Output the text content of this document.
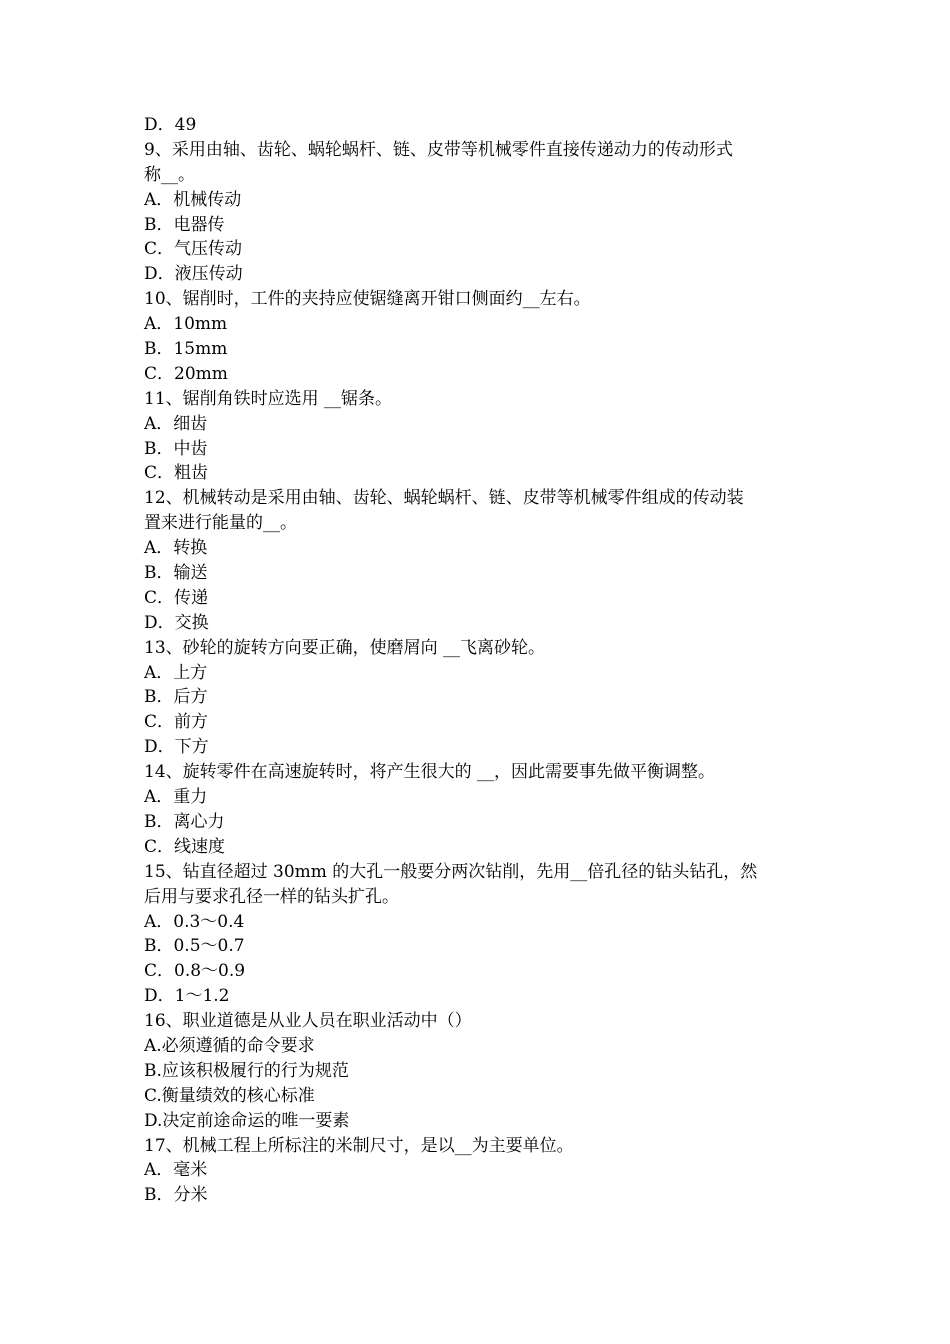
D．49
9、采用由轴、齿轮、蜗轮蜗杆、链、皮带等机械零件直接传递动力的传动形式
称__。
A．机械传动
B．电器传
C．气压传动
D．液压传动
10、锯削时，工件的夹持应使锯缝离开钳口侧面约__左右。
A．10mm
B．15mm
C．20mm
11、锯削角铁时应选用 __锯条。
A．细齿
B．中齿
C．粗齿
12、机械转动是采用由轴、齿轮、蜗轮蜗杆、链、皮带等机械零件组成的传动装
置来进行能量的__。
A．转换
B．输送
C．传递
D．交换
13、砂轮的旋转方向要正确，使磨屑向 __飞离砂轮。
A．上方
B．后方
C．前方
D．下方
14、旋转零件在高速旋转时，将产生很大的 __，因此需要事先做平衡调整。
A．重力
B．离心力
C．线速度
15、钻直径超过 30mm 的大孔一般要分两次钻削，先用__倍孔径的钻头钻孔，然
后用与要求孔径一样的钻头扩孔。
A．0.3～0.4
B．0.5～0.7
C．0.8～0.9
D．1～1.2
16、职业道德是从业人员在职业活动中（）
A.必须遵循的命令要求
B.应该积极履行的行为规范
C.衡量绩效的核心标准
D.决定前途命运的唯一要素
17、机械工程上所标注的米制尺寸，是以__为主要单位。
A．毫米
B．分米
